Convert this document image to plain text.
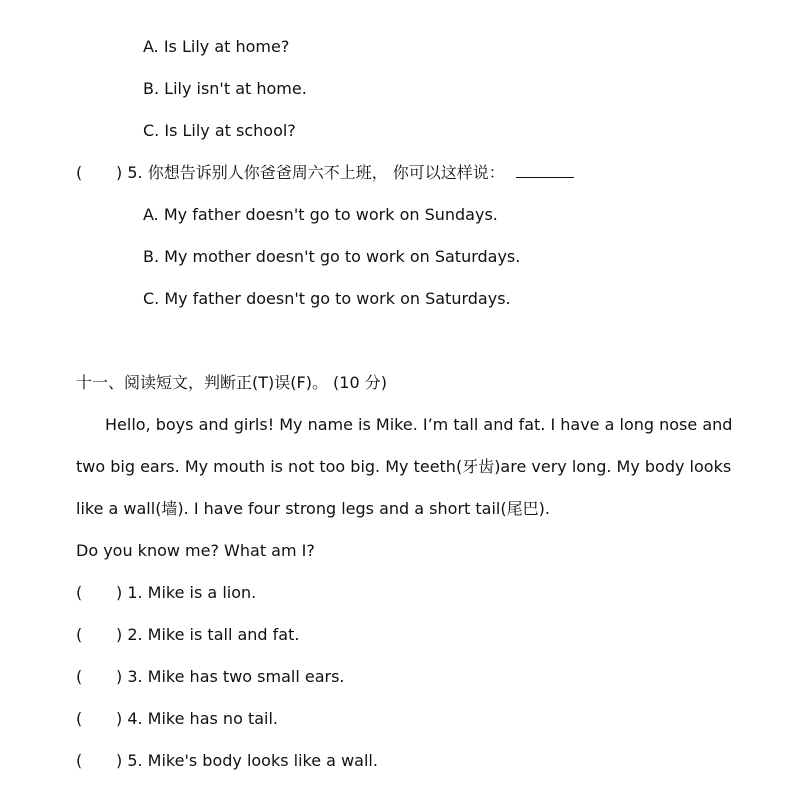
A. Is Lily at home?
B. Lily isn't at home.
C. Is Lily at school?
( ) 5. 你想告诉别人你爸爸周六不上班， 你可以这样说：
A. My father doesn't go to work on Sundays.
B. My mother doesn't go to work on Saturdays.
C. My father doesn't go to work on Saturdays.
十一、阅读短文，判断正(T)误(F)。 (10 分)
Hello, boys and girls! My name is Mike. I’m tall and fat. I have a long nose and
two big ears. My mouth is not too big. My teeth(牙齿)are very long. My body looks
like a wall(墙). I have four strong legs and a short tail(尾巴).
Do you know me? What am I?
( ) 1. Mike is a lion.
( ) 2. Mike is tall and fat.
( ) 3. Mike has two small ears.
( ) 4. Mike has no tail.
( ) 5. Mike's body looks like a wall.
